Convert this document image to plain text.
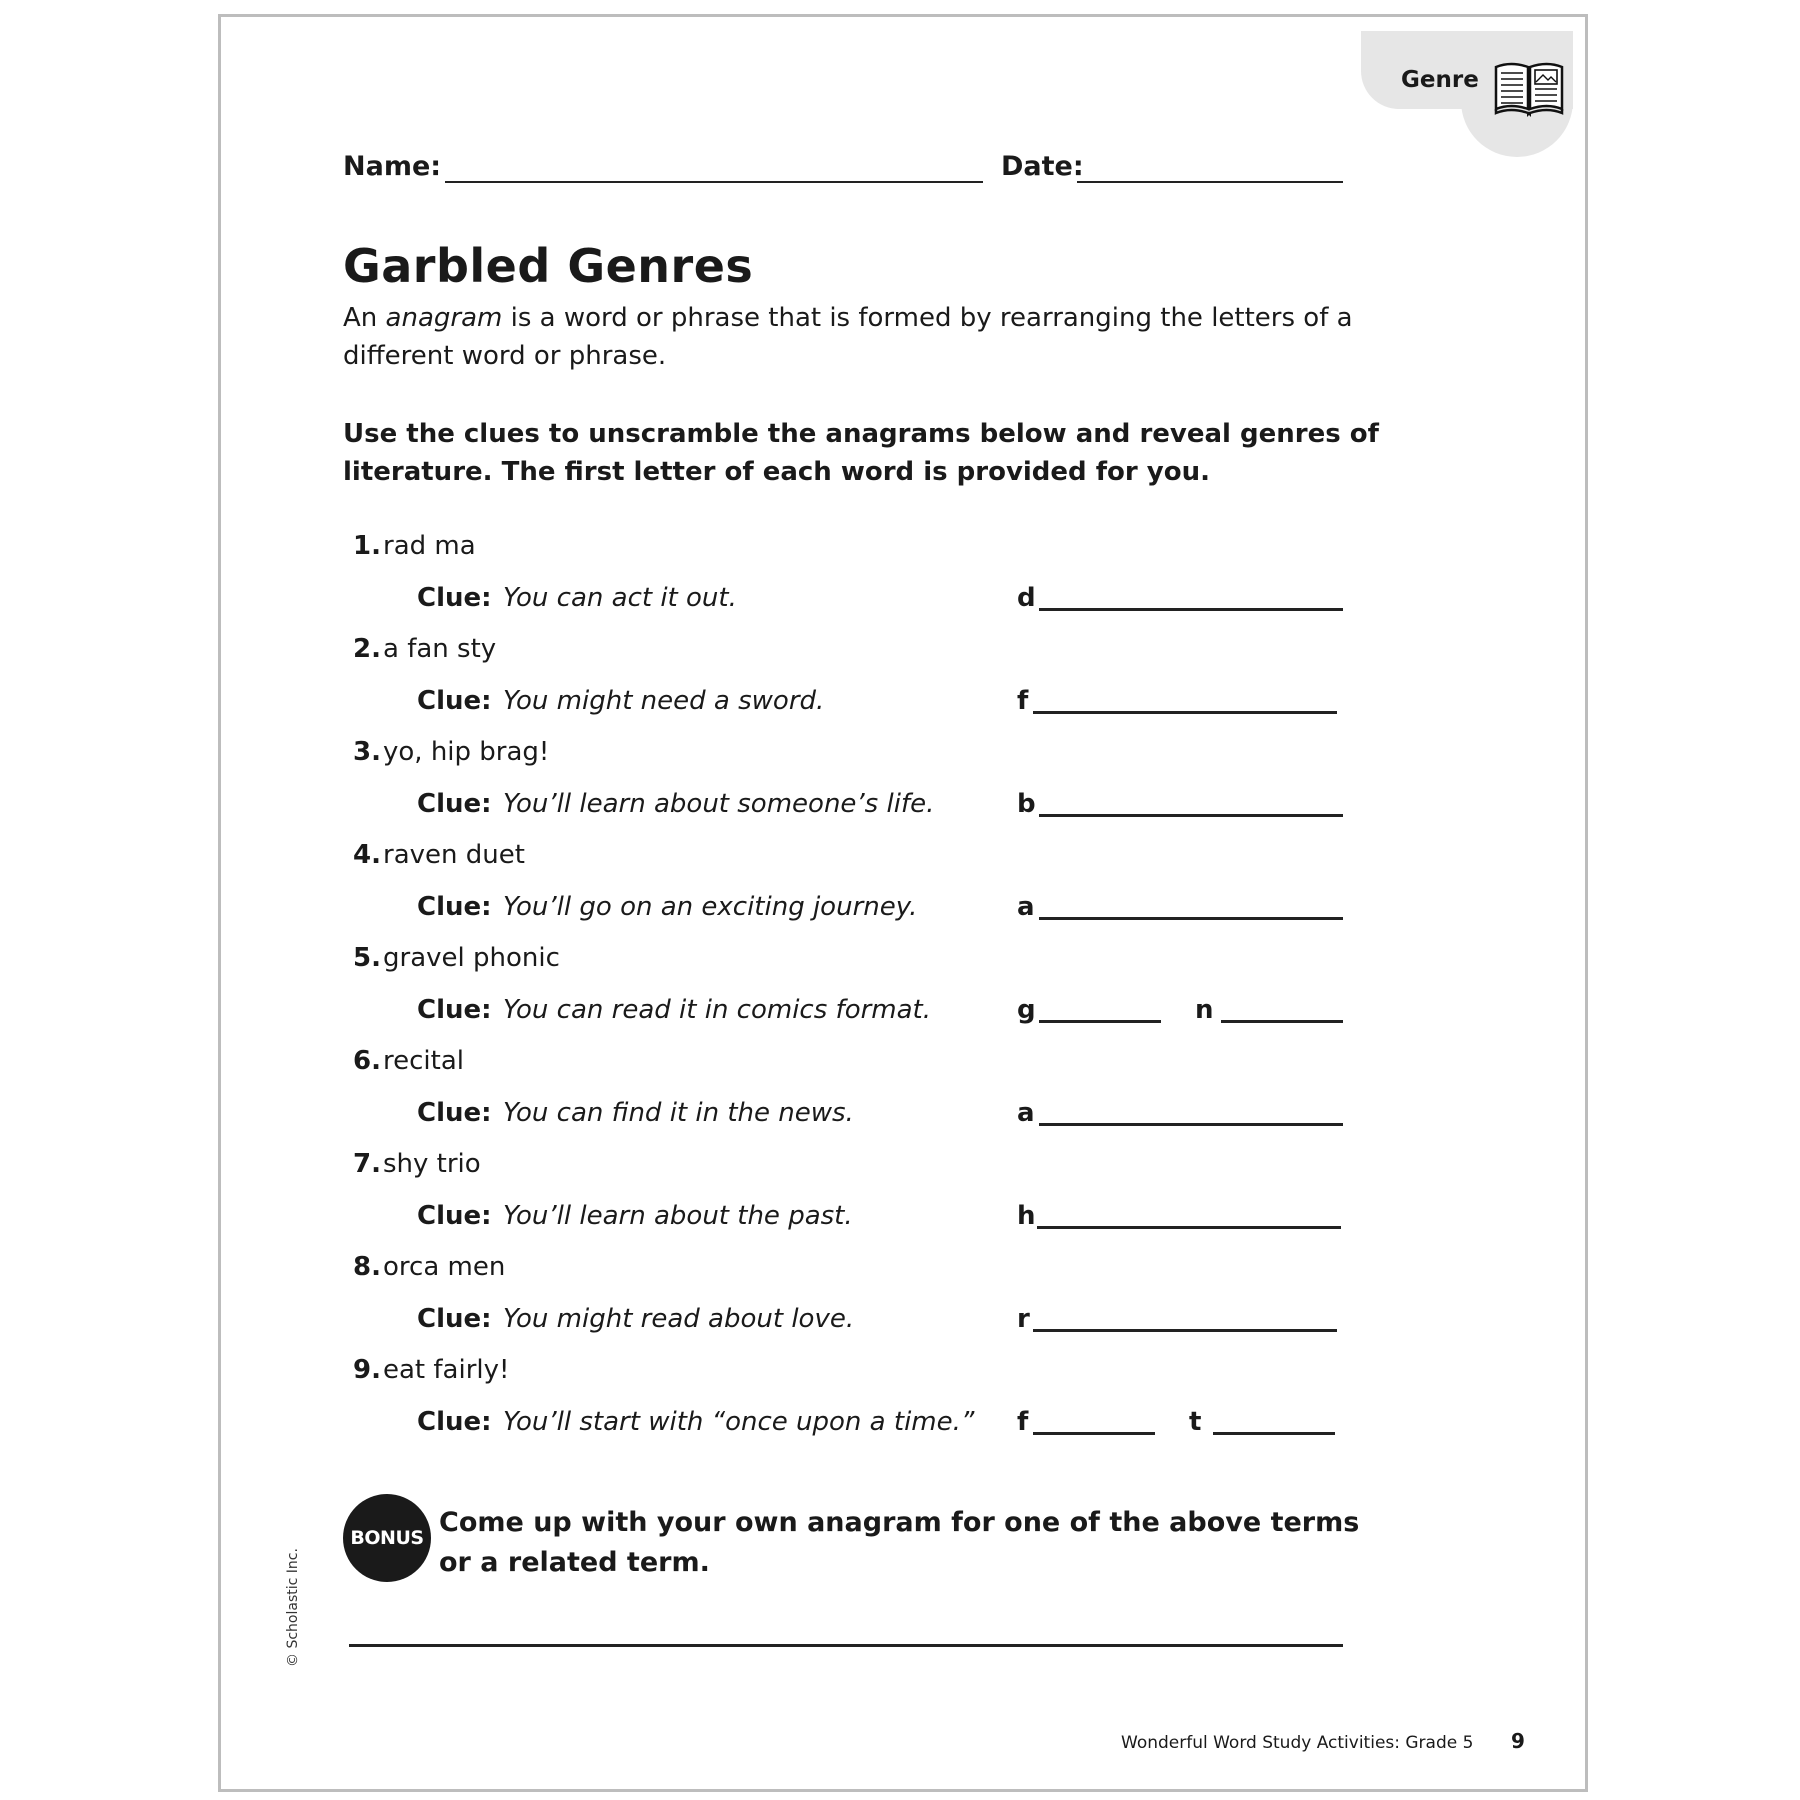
Genre
Name:	Date:
Garbled Genres
An anagram is a word or phrase that is formed by rearranging the letters of a different word or phrase.
Use the clues to unscramble the anagrams below and reveal genres of literature. The first letter of each word is provided for you.
1. rad ma
Clue: You can act it out.	d
2. a fan sty
Clue: You might need a sword.	f
3. yo, hip brag!
Clue: You’ll learn about someone’s life.	b
4. raven duet
Clue: You’ll go on an exciting journey.	a
5. gravel phonic
Clue: You can read it in comics format.	g	n
6. recital
Clue: You can find it in the news.	a
7. shy trio
Clue: You’ll learn about the past.	h
8. orca men
Clue: You might read about love.	r
9. eat fairly!
Clue: You’ll start with “once upon a time.” f	t
BONUS Come up with your own anagram for one of the above terms or a related term.
© Scholastic Inc.
Wonderful Word Study Activities: Grade 5 9
